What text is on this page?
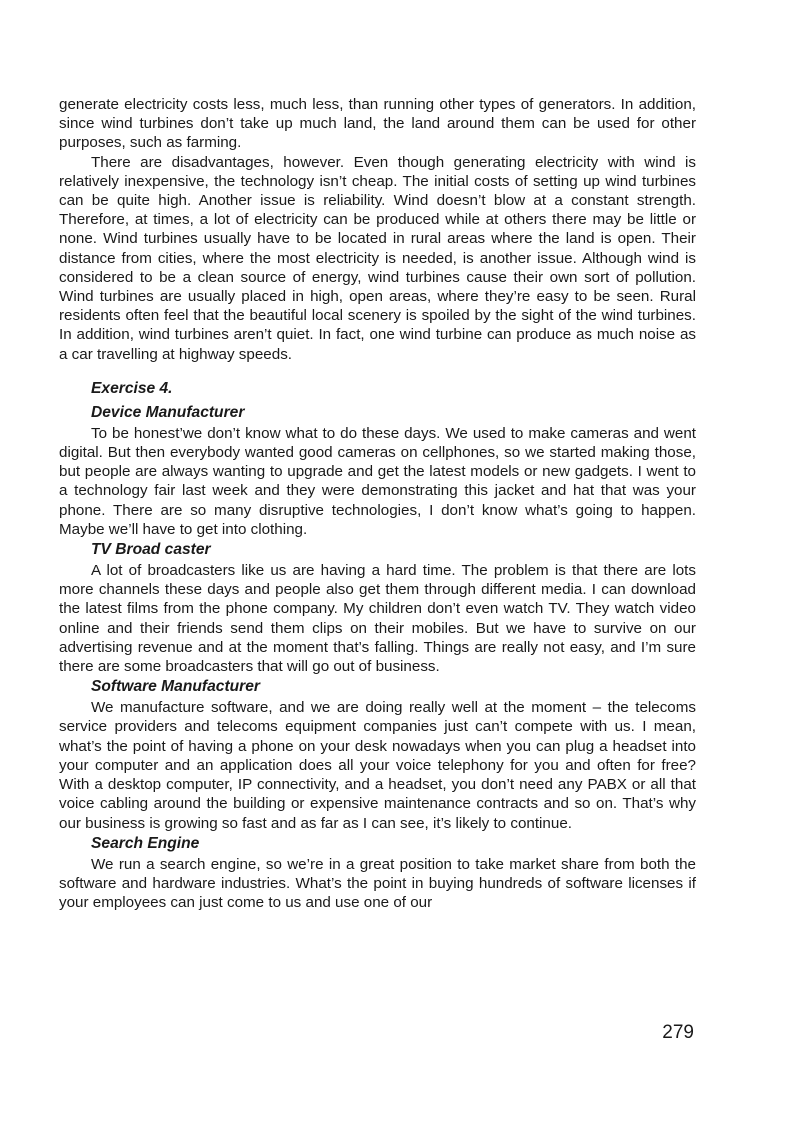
generate electricity costs less, much less, than running other types of generators. In addition, since wind turbines don’t take up much land, the land around them can be used for other purposes, such as farming.

There are disadvantages, however. Even though generating electricity with wind is relatively inexpensive, the technology isn’t cheap. The initial costs of setting up wind turbines can be quite high. Another issue is reliability. Wind doesn’t blow at a constant strength. Therefore, at times, a lot of electricity can be produced while at others there may be little or none. Wind turbines usually have to be located in rural areas where the land is open. Their distance from cities, where the most electricity is needed, is another issue. Although wind is considered to be a clean source of energy, wind turbines cause their own sort of pollution. Wind turbines are usually placed in high, open areas, where they’re easy to be seen. Rural residents often feel that the beautiful local scenery is spoiled by the sight of the wind turbines. In addition, wind turbines aren’t quiet. In fact, one wind turbine can produce as much noise as a car travelling at highway speeds.

Exercise 4.
Device Manufacturer

To be honest’we don’t know what to do these days. We used to make cameras and went digital. But then everybody wanted good cameras on cellphones, so we started making those, but people are always wanting to upgrade and get the latest models or new gadgets. I went to a technology fair last week and they were demonstrating this jacket and hat that was your phone. There are so many disruptive technologies, I don’t know what’s going to happen. Maybe we’ll have to get into clothing.

TV Broad caster

A lot of broadcasters like us are having a hard time. The problem is that there are lots more channels these days and people also get them through different media. I can download the latest films from the phone company. My children don’t even watch TV. They watch video online and their friends send them clips on their mobiles. But we have to survive on our advertising revenue and at the moment that’s falling. Things are really not easy, and I’m sure there are some broadcasters that will go out of business.

Software Manufacturer

We manufacture software, and we are doing really well at the moment – the telecoms service providers and telecoms equipment companies just can’t compete with us. I mean, what’s the point of having a phone on your desk nowadays when you can plug a headset into your computer and an application does all your voice telephony for you and often for free? With a desktop computer, IP connectivity, and a headset, you don’t need any PABX or all that voice cabling around the building or expensive maintenance contracts and so on. That’s why our business is growing so fast and as far as I can see, it’s likely to continue.

Search Engine

We run a search engine, so we’re in a great position to take market share from both the software and hardware industries. What’s the point in buying hundreds of software licenses if your employees can just come to us and use one of our

279
